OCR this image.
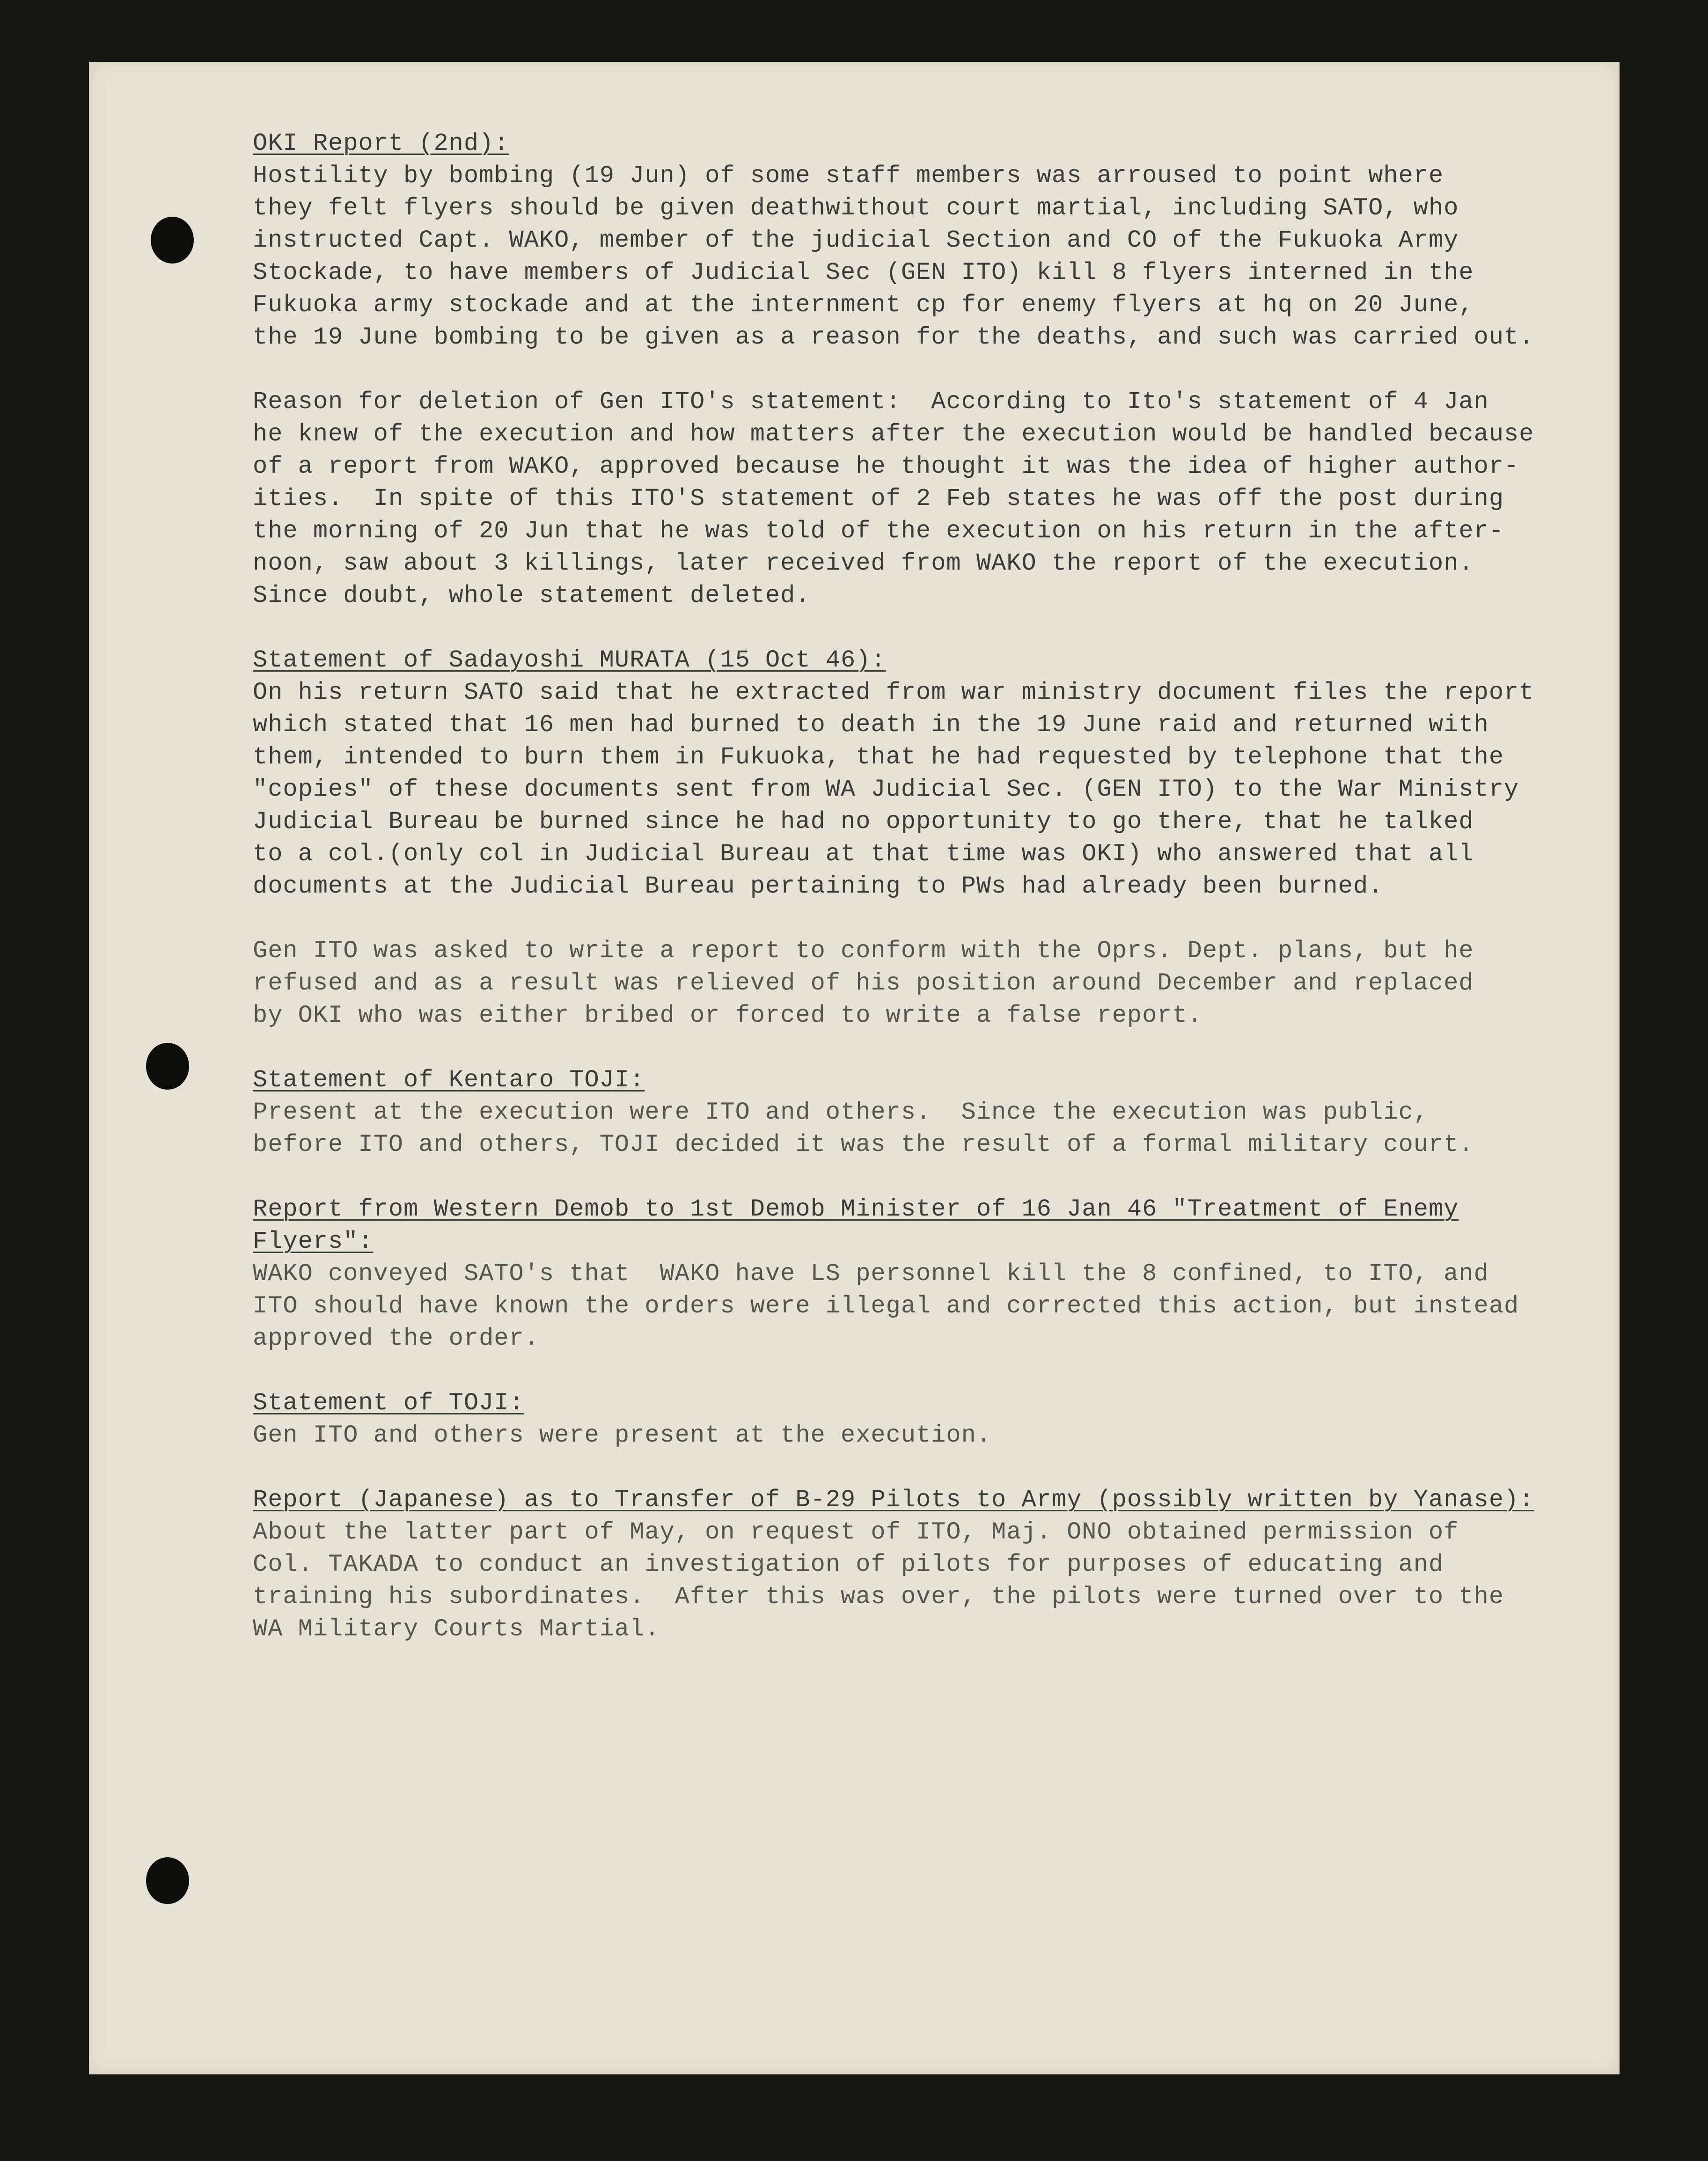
OKI Report (2nd):
Hostility by bombing (19 Jun) of some staff members was arroused to point where
they felt flyers should be given deathwithout court martial, including SATO, who
instructed Capt. WAKO, member of the judicial Section and CO of the Fukuoka Army
Stockade, to have members of Judicial Sec (GEN ITO) kill 8 flyers interned in the
Fukuoka army stockade and at the internment cp for enemy flyers at hq on 20 June,
the 19 June bombing to be given as a reason for the deaths, and such was carried out.
Reason for deletion of Gen ITO's statement:  According to Ito's statement of 4 Jan
he knew of the execution and how matters after the execution would be handled because
of a report from WAKO, approved because he thought it was the idea of higher author-
ities.  In spite of this ITO'S statement of 2 Feb states he was off the post during
the morning of 20 Jun that he was told of the execution on his return in the after-
noon, saw about 3 killings, later received from WAKO the report of the execution.
Since doubt, whole statement deleted.
Statement of Sadayoshi MURATA (15 Oct 46):
On his return SATO said that he extracted from war ministry document files the report
which stated that 16 men had burned to death in the 19 June raid and returned with
them, intended to burn them in Fukuoka, that he had requested by telephone that the
"copies" of these documents sent from WA Judicial Sec. (GEN ITO) to the War Ministry
Judicial Bureau be burned since he had no opportunity to go there, that he talked
to a col.(only col in Judicial Bureau at that time was OKI) who answered that all
documents at the Judicial Bureau pertaining to PWs had already been burned.
Gen ITO was asked to write a report to conform with the Oprs. Dept. plans, but he
refused and as a result was relieved of his position around December and replaced
by OKI who was either bribed or forced to write a false report.
Statement of Kentaro TOJI:
Present at the execution were ITO and others.  Since the execution was public,
before ITO and others, TOJI decided it was the result of a formal military court.
Report from Western Demob to 1st Demob Minister of 16 Jan 46 "Treatment of Enemy
Flyers":
WAKO conveyed SATO's that  WAKO have LS personnel kill the 8 confined, to ITO, and
ITO should have known the orders were illegal and corrected this action, but instead
approved the order.
Statement of TOJI:
Gen ITO and others were present at the execution.
Report (Japanese) as to Transfer of B-29 Pilots to Army (possibly written by Yanase):
About the latter part of May, on request of ITO, Maj. ONO obtained permission of
Col. TAKADA to conduct an investigation of pilots for purposes of educating and
training his subordinates.  After this was over, the pilots were turned over to the
WA Military Courts Martial.
